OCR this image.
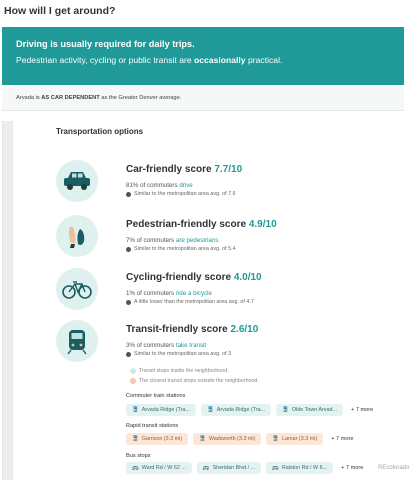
How will I get around?
Driving is usually required for daily trips.
Pedestrian activity, cycling or public transit are occasionally practical.
Arvada is AS CAR DEPENDENT as the Greater Denver average.
Transportation options
Car-friendly score 7.7/10
81% of commuters drive
Similar to the metropolitan area avg. of 7.6
Pedestrian-friendly score 4.9/10
7% of commuters are pedestrians
Similar to the metropolitan area avg. of 5.4
Cycling-friendly score 4.0/10
1% of commuters ride a bicycle
A little lower than the metropolitan area avg. of 4.7
Transit-friendly score 2.6/10
3% of commuters take transit
Similar to the metropolitan area avg. of 3
Transit stops inside the neighborhood.
The closest transit stops outside the neighborhood.
Commuter train stations
🚆 Arvada Ridge (Tra...	🚆 Arvada Ridge (Tra...	🚆 Olde Town Arvad...	+ 7 more
Rapid transit stations
🚆 Garrison (3.3 mi)	🚆 Wadsworth (3.3 mi)	🚆 Lamar (3.3 mi)	+ 7 more
Bus stops
🚌 Ward Rd / W 62 ...	🚌 Sheridan Blvd / ...	🚌 Ralston Rd / W 6...	+ 7 more REcolorado
